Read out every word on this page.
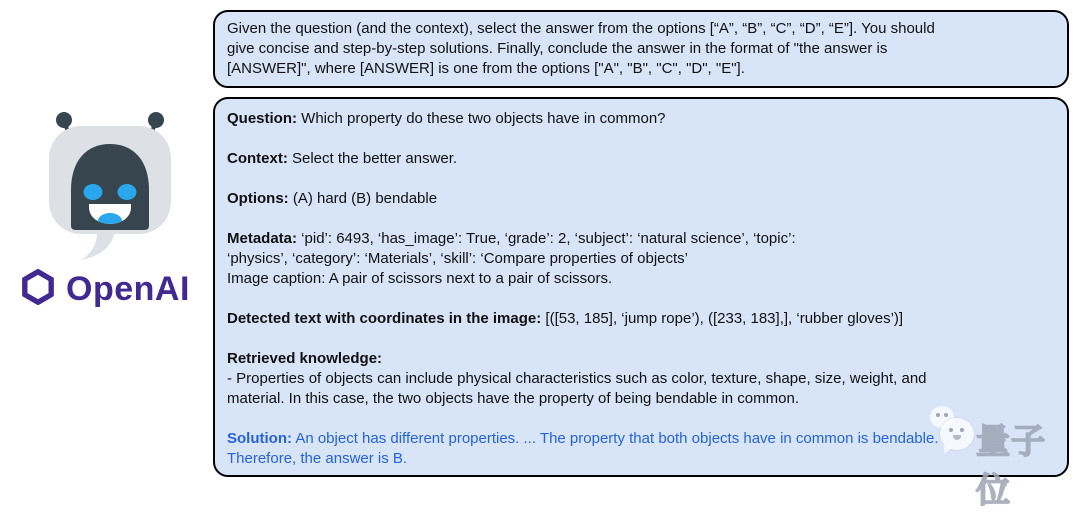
OpenAI
Given the question (and the context), select the answer from the options [“A”, “B”, “C”, “D”, “E”]. You should
give concise and step-by-step solutions. Finally, conclude the answer in the format of "the answer is
[ANSWER]", where [ANSWER] is one from the options ["A", "B", "C", "D", "E"].
Question: Which property do these two objects have in common?
Context: Select the better answer.
Options: (A) hard (B) bendable
Metadata: ‘pid’: 6493, ‘has_image’: True, ‘grade’: 2, ‘subject’: ‘natural science’, ‘topic’:
‘physics’, ‘category’: ‘Materials’, ‘skill’: ‘Compare properties of objects’
Image caption: A pair of scissors next to a pair of scissors.
Detected text with coordinates in the image: [([53, 185], ‘jump rope’), ([233, 183],], ‘rubber gloves’)]
Retrieved knowledge:
- Properties of objects can include physical characteristics such as color, texture, shape, size, weight, and
material. In this case, the two objects have the property of being bendable in common.
Solution: An object has different properties. ... The property that both objects have in common is bendable.
Therefore, the answer is B.	量子位
